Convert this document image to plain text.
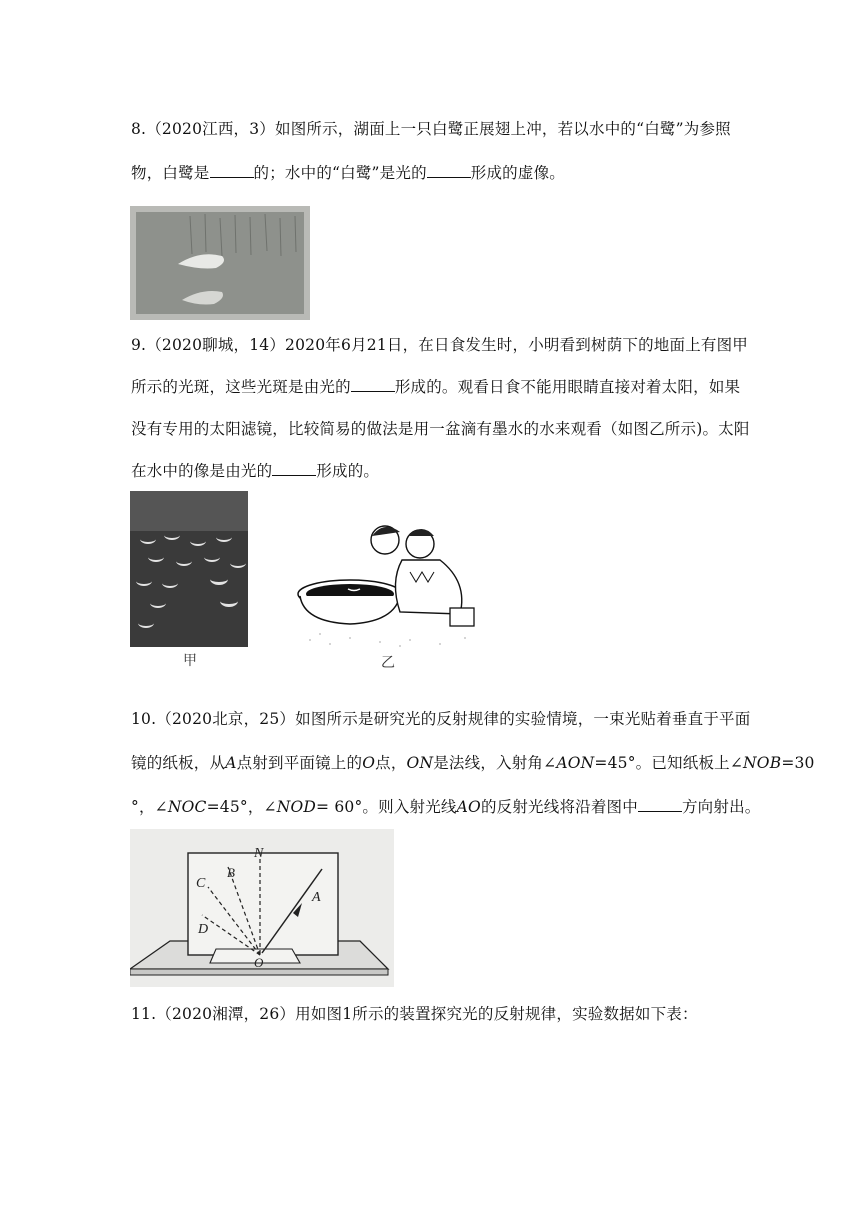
8.（2020江西，3）如图所示，湖面上一只白鹭正展翅上冲，若以水中的“白鹭”为参照
物，白鹭是	的；水中的“白鹭”是光的	形成的虚像。
9.（2020聊城，14）2020年6月21日，在日食发生时，小明看到树荫下的地面上有图甲
所示的光斑，这些光斑是由光的	形成的。观看日食不能用眼睛直接对着太阳，如果
没有专用的太阳滤镜，比较简易的做法是用一盆滴有墨水的水来观看（如图乙所示)。太阳
在水中的像是由光的	形成的。
甲	乙
10.（2020北京，25）如图所示是研究光的反射规律的实验情境，一束光贴着垂直于平面
镜的纸板，从A点射到平面镜上的O点，ON是法线，入射角∠AON=45°。已知纸板上∠NOB=30
°，∠NOC=45°，∠NOD= 60°。则入射光线AO的反射光线将沿着图中	方向射出。
N
B
C
D
A
O
11.（2020湘潭，26）用如图1所示的装置探究光的反射规律，实验数据如下表：
